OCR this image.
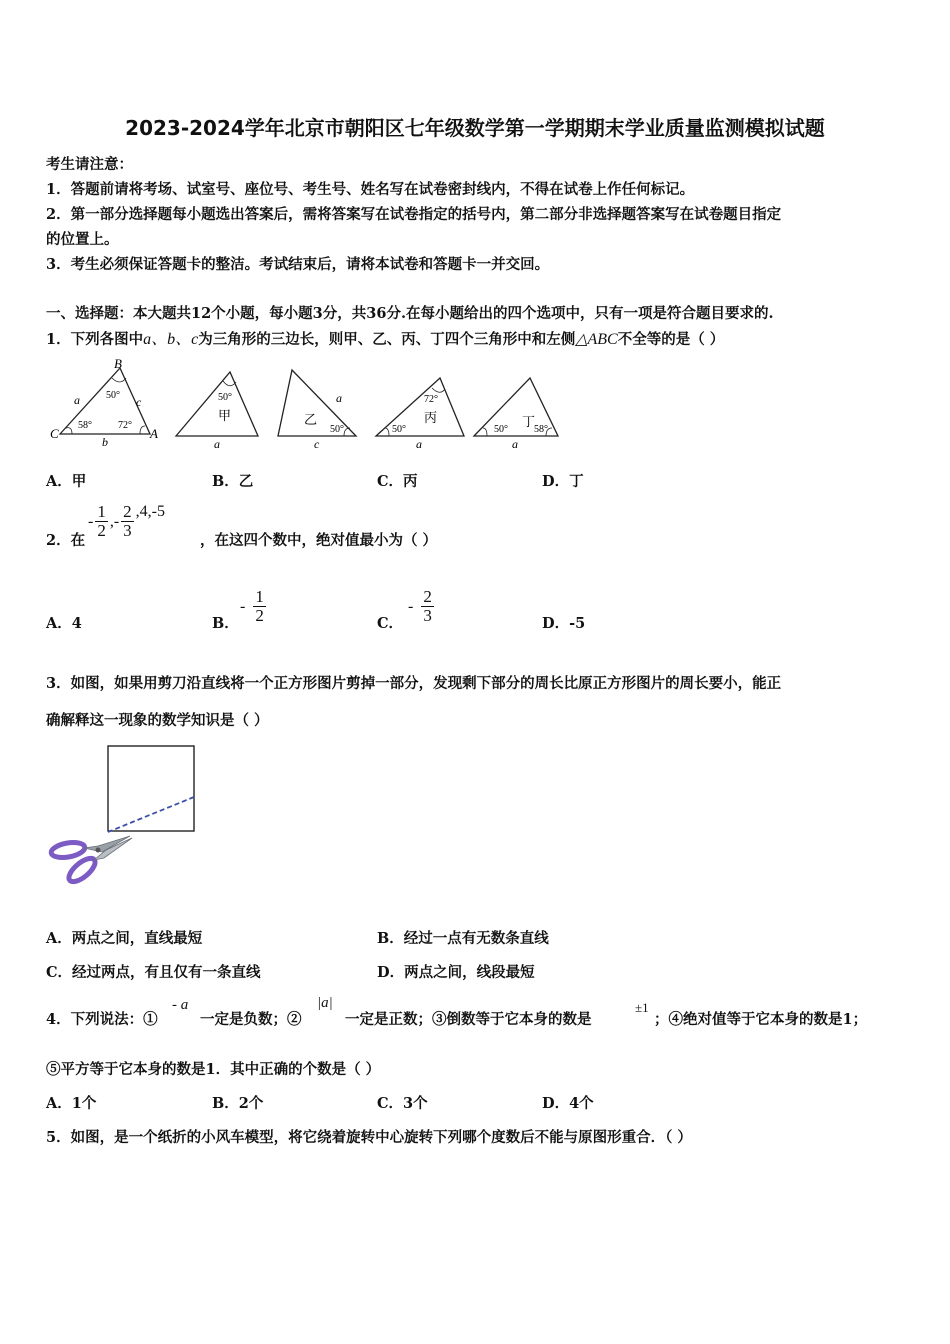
2023-2024学年北京市朝阳区七年级数学第一学期期末学业质量监测模拟试题
考生请注意：
1．答题前请将考场、试室号、座位号、考生号、姓名写在试卷密封线内，不得在试卷上作任何标记。
2．第一部分选择题每小题选出答案后，需将答案写在试卷指定的括号内，第二部分非选择题答案写在试卷题目指定
的位置上。
3．考生必须保证答题卡的整洁。考试结束后，请将本试卷和答题卡一并交回。
一、选择题：本大题共12个小题，每小题3分，共36分.在每小题给出的四个选项中，只有一项是符合题目要求的.
1．下列各图中a、b、c为三角形的三边长，则甲、乙、丙、丁四个三角形中和左侧△ABC不全等的是（ ）
B
C	A
a
b
c
50°
58°	72°
甲
a
50°
乙
a
c
50°
丙
a
72°
50°
丁
a
50°	58°
A．甲	B．乙	C．丙	D．丁
2．在
- $\frac{1}{2}$ ,- $\frac{2}{3} ,4,-5$
，在这四个数中，绝对值最小为（ ）
A．4	B．
- $\frac{1}{2}$	C．
- $\frac{2}{3}$	D．-5
3．如图，如果用剪刀沿直线将一个正方形图片剪掉一部分，发现剩下部分的周长比原正方形图片的周长要小，能正
确解释这一现象的数学知识是（ ）
A．两点之间，直线最短	B．经过一点有无数条直线
C．经过两点，有且仅有一条直线	D．两点之间，线段最短
4．下列说法：①
- a
一定是负数；②
|a|
一定是正数；③倒数等于它本身的数是
±1
；④绝对值等于它本身的数是1；
⑤平方等于它本身的数是1．其中正确的个数是（ ）
A．1个	B．2个	C．3个	D．4个
5．如图，是一个纸折的小风车模型，将它绕着旋转中心旋转下列哪个度数后不能与原图形重合．（ ）
